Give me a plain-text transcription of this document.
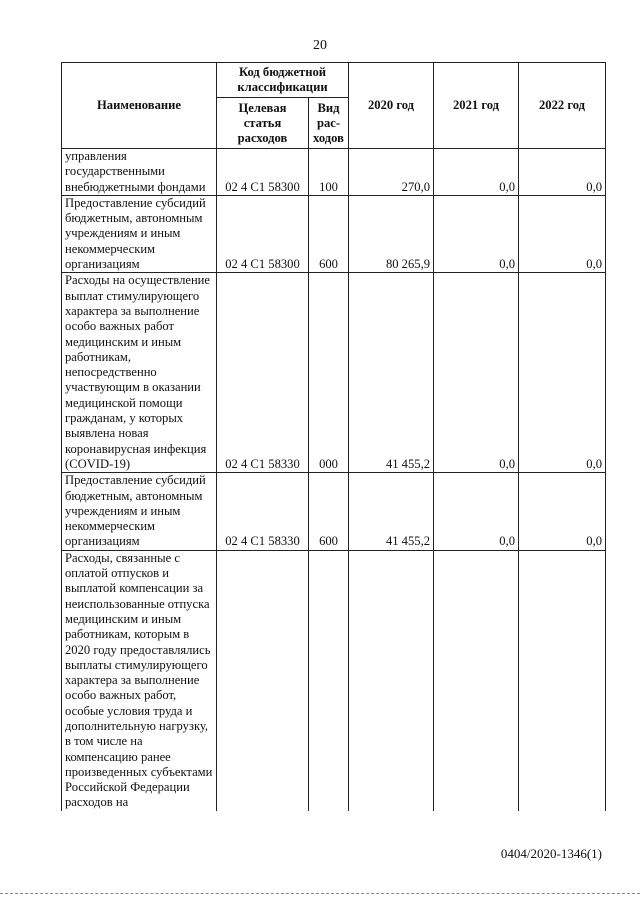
20
Наименование	Код бюджетной классификации		2020 год	2021 год	2022 год
	Целевая статья расходов	Вид рас-ходов			
управления государственными внебюджетными фондами	02 4 С1 58300	100	270,0	0,0	0,0
Предоставление субсидий бюджетным, автономным учреждениям и иным некоммерческим организациям	02 4 С1 58300	600	80 265,9	0,0	0,0
Расходы на осуществление выплат стимулирующего характера за выполнение особо важных работ медицинским и иным работникам, непосредственно участвующим в оказании медицинской помощи гражданам, у которых выявлена новая коронавирусная инфекция (COVID-19)	02 4 С1 58330	000	41 455,2	0,0	0,0
Предоставление субсидий бюджетным, автономным учреждениям и иным некоммерческим организациям	02 4 С1 58330	600	41 455,2	0,0	0,0
Расходы, связанные с оплатой отпусков и выплатой компенсации за неиспользованные отпуска медицинским и иным работникам, которым в 2020 году предоставлялись выплаты стимулирующего характера за выполнение особо важных работ, особые условия труда и дополнительную нагрузку, в том числе на компенсацию ранее произведенных субъектами Российской Федерации расходов на					
0404/2020-1346(1)
